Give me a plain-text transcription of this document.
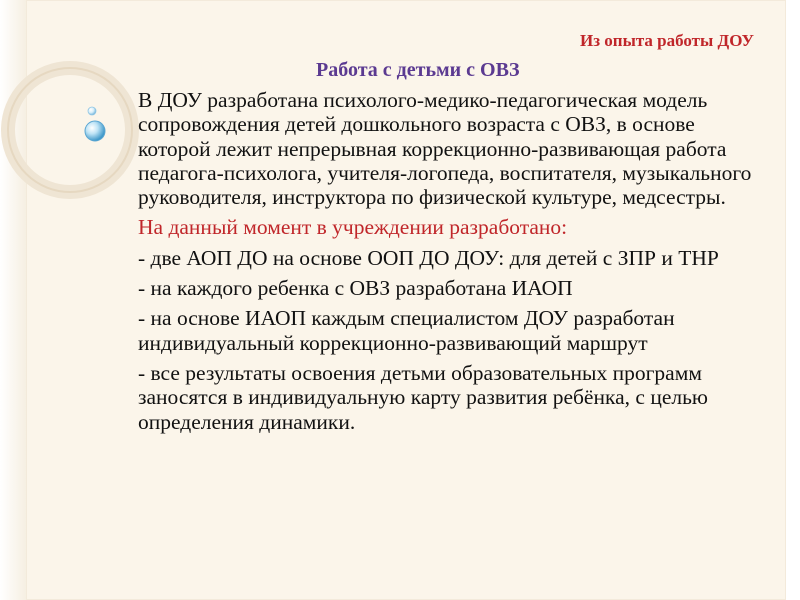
Из опыта работы ДОУ
Работа с детьми с ОВЗ

В ДОУ разработана психолого-медико-педагогическая модель сопровождения детей дошкольного возраста с ОВЗ, в основе которой лежит непрерывная коррекционно-развивающая работа педагога-психолога, учителя-логопеда, воспитателя, музыкального руководителя, инструктора по физической культуре, медсестры.

На данный момент в учреждении разработано:

- две АОП ДО на основе ООП ДО ДОУ: для детей с ЗПР и ТНР

- на каждого ребенка с ОВЗ разработана ИАОП

- на основе ИАОП каждым специалистом ДОУ разработан индивидуальный коррекционно-развивающий маршрут

- все результаты освоения детьми образовательных программ заносятся в индивидуальную карту развития ребёнка, с целью определения динамики.
